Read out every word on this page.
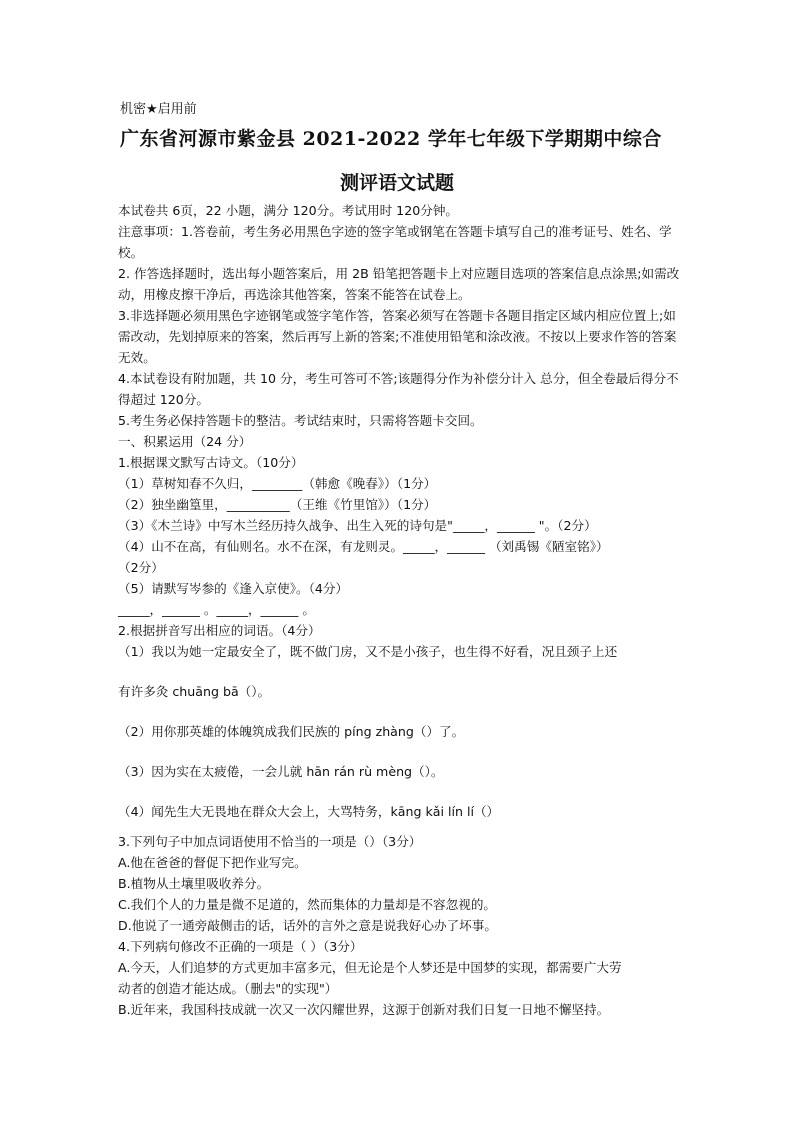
机密★启用前
广东省河源市紫金县 2021-2022 学年七年级下学期期中综合
测评语文试题

本试卷共 6页，22 小题，满分 120分。考试用时 120分钟。

注意事项：1.答卷前，考生务必用黑色字迹的签字笔或钢笔在答题卡填写自己的准考证号、姓名、学校。

2. 作答选择题时，选出每小题答案后，用 2B 铅笔把答题卡上对应题目选项的答案信息点涂黑;如需改动，用橡皮擦干净后，再选涂其他答案，答案不能答在试卷上。

3.非选择题必须用黑色字迹钢笔或签字笔作答，答案必须写在答题卡各题目指定区域内相应位置上;如需改动，先划掉原来的答案，然后再写上新的答案;不准使用铅笔和涂改液。不按以上要求作答的答案无效。

4.本试卷设有附加题，共 10 分，考生可答可不答;该题得分作为补偿分计入 总分，但全卷最后得分不得超过 120分。

5.考生务必保持答题卡的整洁。考试结束时，只需将答题卡交回。

一、积累运用（24 分）

1.根据课文默写古诗文。（10分）

（1）草树知春不久归，________（韩愈《晚春》）（1分）

（2）独坐幽篁里，__________（王维《竹里馆》）（1分）

（3）《木兰诗》中写木兰经历持久战争、出生入死的诗句是"_____，______ "。（2分）

（4）山不在高，有仙则名。水不在深，有龙则灵。_____，______ （刘禹锡《陋室铭》）

（2分）

（5）请默写岑参的《逢入京使》。（4分）

_____，______ 。_____，______ 。

2.根据拼音写出相应的词语。（4分）

（1）我以为她一定最安全了，既不做门房，又不是小孩子，也生得不好看，况且颈子上还

有许多灸 chuāng bā（）。

（2）用你那英雄的体魄筑成我们民族的 píng zhàng（）了。

（3）因为实在太疲倦，一会儿就 hān rán rù mèng（）。

（4）闻先生大无畏地在群众大会上，大骂特务，kāng kǎi lín lí（）

3.下列句子中加点词语使用不恰当的一项是（）（3分）

A.他在爸爸的督促下把作业写完。

B.植物从土壤里吸收养分。

C.我们个人的力量是微不足道的，然而集体的力量却是不容忽视的。

D.他说了一通旁敲侧击的话，话外的言外之意是说我好心办了坏事。

4.下列病句修改不正确的一项是（ ）（3分）

A.今天，人们追梦的方式更加丰富多元，但无论是个人梦还是中国梦的实现，都需要广大劳

动者的创造才能达成。（删去"的实现"）

B.近年来，我国科技成就一次又一次闪耀世界，这源于创新对我们日复一日地不懈坚持。
